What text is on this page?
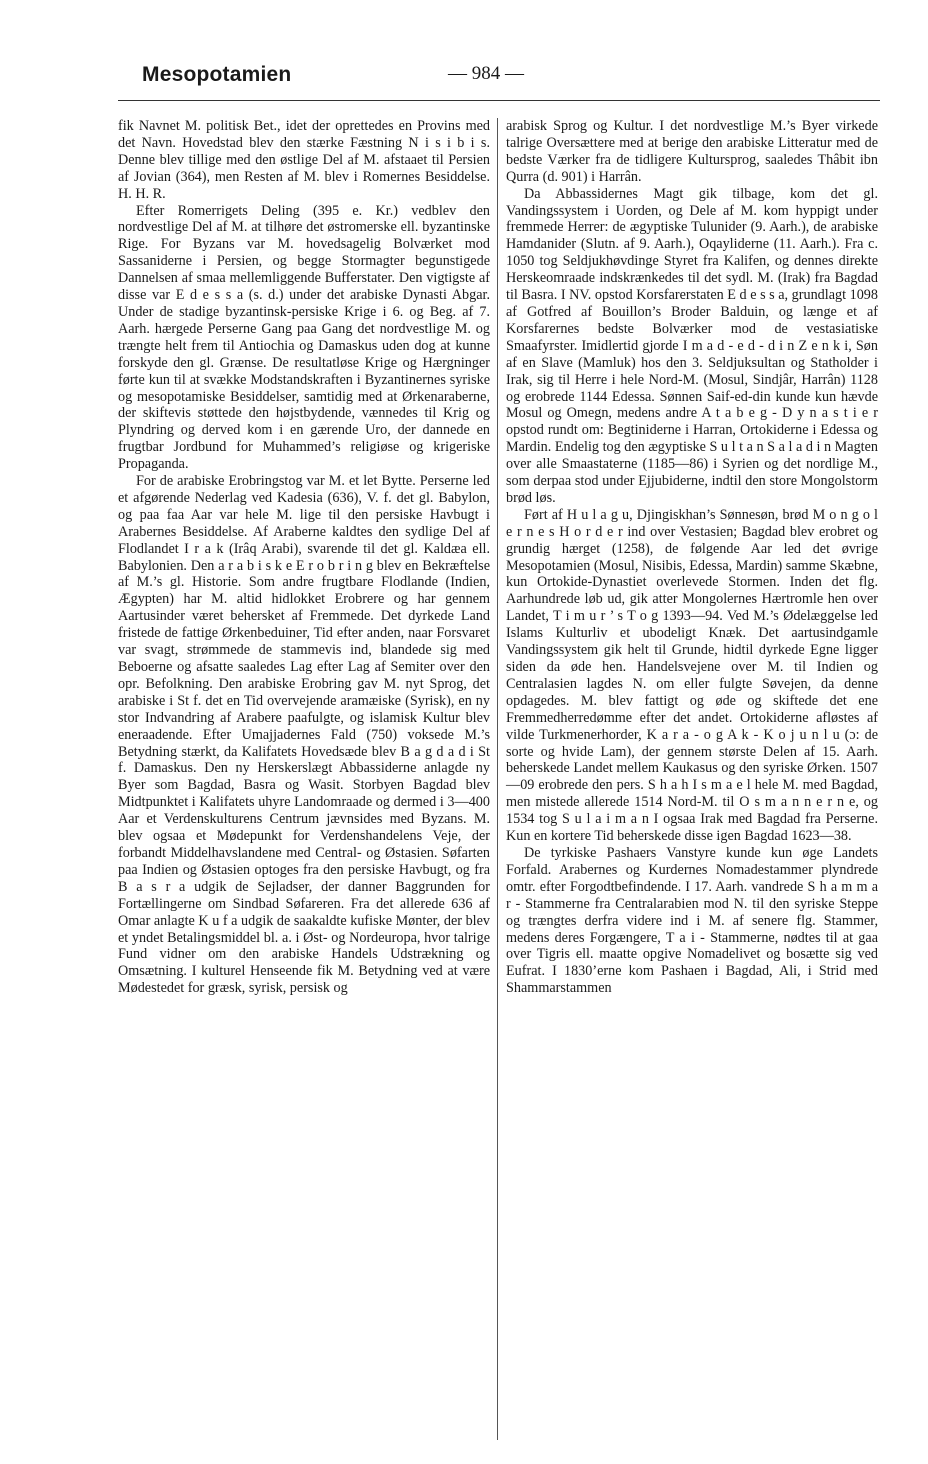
Mesopotamien	— 984 —

fik Navnet M. politisk Bet., idet der oprettedes en Provins med det Navn. Hovedstad blev den stærke Fæstning N i s i b i s. Denne blev tillige med den østlige Del af M. afstaaet til Persien af Jovian (364), men Resten af M. blev i Romernes Besiddelse. H. H. R.

Efter Romerrigets Deling (395 e. Kr.) vedblev den nordvestlige Del af M. at tilhøre det østromerske ell. byzantinske Rige. For Byzans var M. hovedsagelig Bolværket mod Sassaniderne i Persien, og begge Stormagter begunstigede Dannelsen af smaa mellemliggende Bufferstater. Den vigtigste af disse var E d e s s a (s. d.) under det arabiske Dynasti Abgar. Under de stadige byzantinsk-persiske Krige i 6. og Beg. af 7. Aarh. hærgede Perserne Gang paa Gang det nordvestlige M. og trængte helt frem til Antiochia og Damaskus uden dog at kunne forskyde den gl. Grænse. De resultatløse Krige og Hærgninger førte kun til at svække Modstandskraften i Byzantinernes syriske og mesopotamiske Besiddelser, samtidig med at Ørkenaraberne, der skiftevis støttede den højstbydende, vænnedes til Krig og Plyndring og derved kom i en gærende Uro, der dannede en frugtbar Jordbund for Muhammed’s religiøse og krigeriske Propaganda.

For de arabiske Erobringstog var M. et let Bytte. Perserne led et afgørende Nederlag ved Kadesia (636), V. f. det gl. Babylon, og paa faa Aar var hele M. lige til den persiske Havbugt i Arabernes Besiddelse. Af Araberne kaldtes den sydlige Del af Flodlandet I r a k (Irâq Arabi), svarende til det gl. Kaldæa ell. Babylonien. Den a r a b i s k e E r o b r i n g blev en Bekræftelse af M.’s gl. Historie. Som andre frugtbare Flodlande (Indien, Ægypten) har M. altid hidlokket Erobrere og har gennem Aartusinder været behersket af Fremmede. Det dyrkede Land fristede de fattige Ørkenbeduiner, Tid efter anden, naar Forsvaret var svagt, strømmede de stammevis ind, blandede sig med Beboerne og afsatte saaledes Lag efter Lag af Semiter over den opr. Befolkning. Den arabiske Erobring gav M. nyt Sprog, det arabiske i St f. det en Tid overvejende aramæiske (Syrisk), en ny stor Indvandring af Arabere paafulgte, og islamisk Kultur blev eneraadende. Efter Umajjadernes Fald (750) voksede M.’s Betydning stærkt, da Kalifatets Hovedsæde blev B a g d a d i St f. Damaskus. Den ny Herskerslægt Abbassiderne anlagde ny Byer som Bagdad, Basra og Wasit. Storbyen Bagdad blev Midtpunktet i Kalifatets uhyre Landomraade og dermed i 3—400 Aar et Verdenskulturens Centrum jævnsides med Byzans. M. blev ogsaa et Mødepunkt for Verdenshandelens Veje, der forbandt Middelhavslandene med Central- og Østasien. Søfarten paa Indien og Østasien optoges fra den persiske Havbugt, og fra B a s r a udgik de Sejladser, der danner Baggrunden for Fortællingerne om Sindbad Søfareren. Fra det allerede 636 af Omar anlagte K u f a udgik de saakaldte kufiske Mønter, der blev et yndet Betalingsmiddel bl. a. i Øst- og Nordeuropa, hvor talrige Fund vidner om den arabiske Handels Udstrækning og Omsætning. I kulturel Henseende fik M. Betydning ved at være Mødestedet for græsk, syrisk, persisk og

arabisk Sprog og Kultur. I det nordvestlige M.’s Byer virkede talrige Oversættere med at berige den arabiske Litteratur med de bedste Værker fra de tidligere Kultursprog, saaledes Thâbit ibn Qurra (d. 901) i Harrân.

Da Abbassidernes Magt gik tilbage, kom det gl. Vandingssystem i Uorden, og Dele af M. kom hyppigt under fremmede Herrer: de ægyptiske Tulunider (9. Aarh.), de arabiske Hamdanider (Slutn. af 9. Aarh.), Oqayliderne (11. Aarh.). Fra c. 1050 tog Seldjukhøvdinge Styret fra Kalifen, og dennes direkte Herskeomraade indskrænkedes til det sydl. M. (Irak) fra Bagdad til Basra. I NV. opstod Korsfarerstaten E d e s s a, grundlagt 1098 af Gotfred af Bouillon’s Broder Balduin, og længe et af Korsfarernes bedste Bolværker mod de vestasiatiske Smaafyrster. Imidlertid gjorde I m a d - e d - d i n Z e n k i, Søn af en Slave (Mamluk) hos den 3. Seldjuksultan og Statholder i Irak, sig til Herre i hele Nord-M. (Mosul, Sindjâr, Harrân) 1128 og erobrede 1144 Edessa. Sønnen Saif-ed-din kunde kun hævde Mosul og Omegn, medens andre A t a b e g - D y n a s t i e r opstod rundt om: Begtiniderne i Harran, Ortokiderne i Edessa og Mardin. Endelig tog den ægyptiske S u l t a n S a l a d i n Magten over alle Smaastaterne (1185—86) i Syrien og det nordlige M., som derpaa stod under Ejjubiderne, indtil den store Mongolstorm brød løs.

Ført af H u l a g u, Djingiskhan’s Sønnesøn, brød M o n g o l e r n e s H o r d e r ind over Vestasien; Bagdad blev erobret og grundig hærget (1258), de følgende Aar led det øvrige Mesopotamien (Mosul, Nisibis, Edessa, Mardin) samme Skæbne, kun Ortokide-Dynastiet overlevede Stormen. Inden det flg. Aarhundrede løb ud, gik atter Mongolernes Hærtromle hen over Landet, T i m u r ’ s T o g 1393—94. Ved M.’s Ødelæggelse led Islams Kulturliv et ubodeligt Knæk. Det aartusindgamle Vandingssystem gik helt til Grunde, hidtil dyrkede Egne ligger siden da øde hen. Handelsvejene over M. til Indien og Centralasien lagdes N. om eller fulgte Søvejen, da denne opdagedes. M. blev fattigt og øde og skiftede det ene Fremmedherredømme efter det andet. Ortokiderne afløstes af vilde Turkmenerhorder, K a r a - o g A k - K o j u n l u (ɔ: de sorte og hvide Lam), der gennem største Delen af 15. Aarh. beherskede Landet mellem Kaukasus og den syriske Ørken. 1507—09 erobrede den pers. S h a h I s m a e l hele M. med Bagdad, men mistede allerede 1514 Nord-M. til O s m a n n e r n e, og 1534 tog S u l a i m a n I ogsaa Irak med Bagdad fra Perserne. Kun en kortere Tid beherskede disse igen Bagdad 1623—38.

De tyrkiske Pashaers Vanstyre kunde kun øge Landets Forfald. Arabernes og Kurdernes Nomadestammer plyndrede omtr. efter Forgodtbefindende. I 17. Aarh. vandrede S h a m m a r - Stammerne fra Centralarabien mod N. til den syriske Steppe og trængtes derfra videre ind i M. af senere flg. Stammer, medens deres Forgængere, T a i - Stammerne, nødtes til at gaa over Tigris ell. maatte opgive Nomadelivet og bosætte sig ved Eufrat. I 1830’erne kom Pashaen i Bagdad, Ali, i Strid med Shammarstammen
